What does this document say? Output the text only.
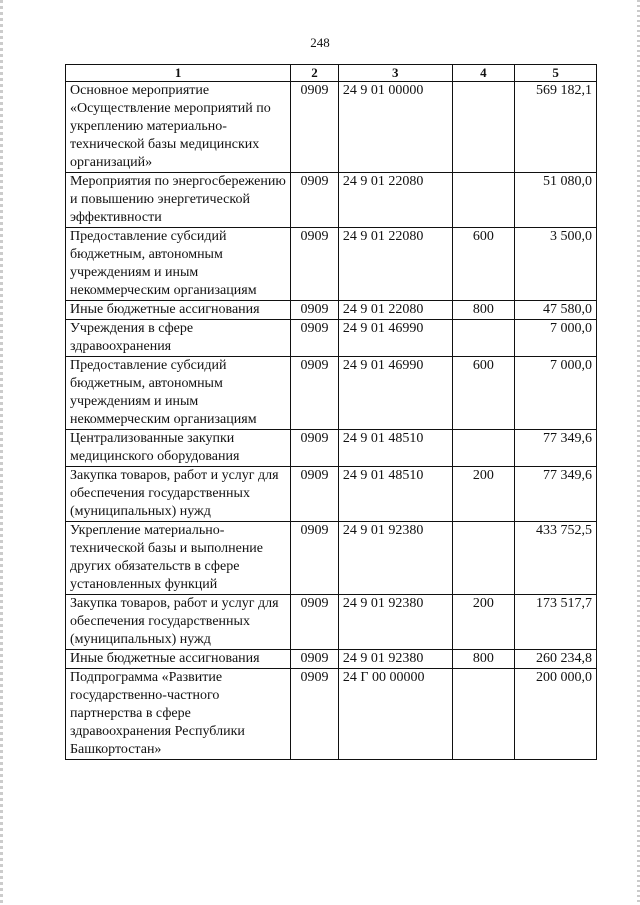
248
1	2	3	4	5
Основное мероприятие «Осуществление мероприятий по укреплению материально-технической базы медицинских организаций»	0909	24 9 01 00000		569 182,1
Мероприятия по энергосбережению и повышению энергетической эффективности	0909	24 9 01 22080		51 080,0
Предоставление субсидий бюджетным, автономным учреждениям и иным некоммерческим организациям	0909	24 9 01 22080	600	3 500,0
Иные бюджетные ассигнования	0909	24 9 01 22080	800	47 580,0
Учреждения в сфере здравоохранения	0909	24 9 01 46990		7 000,0
Предоставление субсидий бюджетным, автономным учреждениям и иным некоммерческим организациям	0909	24 9 01 46990	600	7 000,0
Централизованные закупки медицинского оборудования	0909	24 9 01 48510		77 349,6
Закупка товаров, работ и услуг для обеспечения государственных (муниципальных) нужд	0909	24 9 01 48510	200	77 349,6
Укрепление материально-технической базы и выполнение других обязательств в сфере установленных функций	0909	24 9 01 92380		433 752,5
Закупка товаров, работ и услуг для обеспечения государственных (муниципальных) нужд	0909	24 9 01 92380	200	173 517,7
Иные бюджетные ассигнования	0909	24 9 01 92380	800	260 234,8
Подпрограмма «Развитие государственно-частного партнерства в сфере здравоохранения Республики Башкортостан»	0909	24 Г 00 00000		200 000,0
